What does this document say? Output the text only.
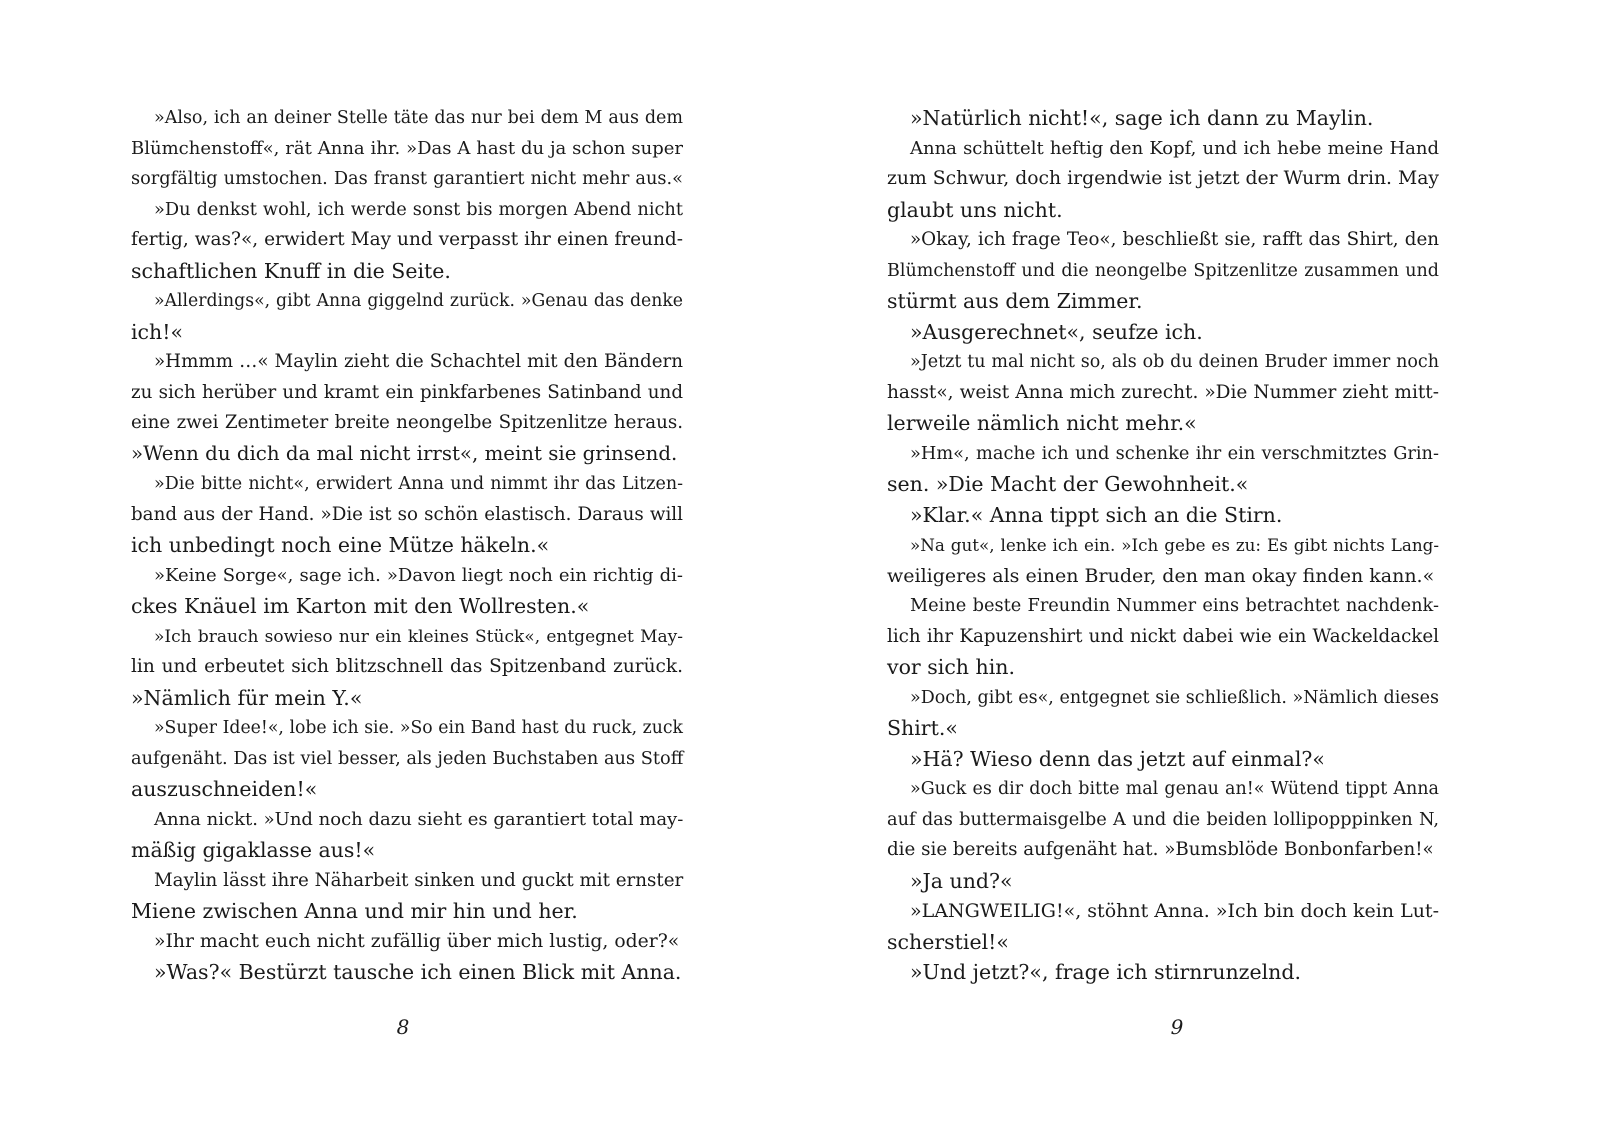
»Also, ich an deiner Stelle täte das nur bei dem M aus dem
Blümchenstoff«, rät Anna ihr. »Das A hast du ja schon super
sorgfältig umstochen. Das franst garantiert nicht mehr aus.«
»Du denkst wohl, ich werde sonst bis morgen Abend nicht
fertig, was?«, erwidert May und verpasst ihr einen freund-
schaftlichen Knuff in die Seite.
»Allerdings«, gibt Anna giggelnd zurück. »Genau das denke
ich!«
»Hmmm …« Maylin zieht die Schachtel mit den Bändern
zu sich herüber und kramt ein pinkfarbenes Satinband und
eine zwei Zentimeter breite neongelbe Spitzenlitze heraus.
»Wenn du dich da mal nicht irrst«, meint sie grinsend.
»Die bitte nicht«, erwidert Anna und nimmt ihr das Litzen-
band aus der Hand. »Die ist so schön elastisch. Daraus will
ich unbedingt noch eine Mütze häkeln.«
»Keine Sorge«, sage ich. »Davon liegt noch ein richtig di-
ckes Knäuel im Karton mit den Wollresten.«
»Ich brauch sowieso nur ein kleines Stück«, entgegnet May-
lin und erbeutet sich blitzschnell das Spitzenband zurück.
»Nämlich für mein Y.«
»Super Idee!«, lobe ich sie. »So ein Band hast du ruck, zuck
aufgenäht. Das ist viel besser, als jeden Buchstaben aus Stoff
auszuschneiden!«
Anna nickt. »Und noch dazu sieht es garantiert total may-
mäßig gigaklasse aus!«
Maylin lässt ihre Näharbeit sinken und guckt mit ernster
Miene zwischen Anna und mir hin und her.
»Ihr macht euch nicht zufällig über mich lustig, oder?«
»Was?« Bestürzt tausche ich einen Blick mit Anna.
»Natürlich nicht!«, sage ich dann zu Maylin.
Anna schüttelt heftig den Kopf, und ich hebe meine Hand
zum Schwur, doch irgendwie ist jetzt der Wurm drin. May
glaubt uns nicht.
»Okay, ich frage Teo«, beschließt sie, rafft das Shirt, den
Blümchenstoff und die neongelbe Spitzenlitze zusammen und
stürmt aus dem Zimmer.
»Ausgerechnet«, seufze ich.
»Jetzt tu mal nicht so, als ob du deinen Bruder immer noch
hasst«, weist Anna mich zurecht. »Die Nummer zieht mitt-
lerweile nämlich nicht mehr.«
»Hm«, mache ich und schenke ihr ein verschmitztes Grin-
sen. »Die Macht der Gewohnheit.«
»Klar.« Anna tippt sich an die Stirn.
»Na gut«, lenke ich ein. »Ich gebe es zu: Es gibt nichts Lang-
weiligeres als einen Bruder, den man okay finden kann.«
Meine beste Freundin Nummer eins betrachtet nachdenk-
lich ihr Kapuzenshirt und nickt dabei wie ein Wackeldackel
vor sich hin.
»Doch, gibt es«, entgegnet sie schließlich. »Nämlich dieses
Shirt.«
»Hä? Wieso denn das jetzt auf einmal?«
»Guck es dir doch bitte mal genau an!« Wütend tippt Anna
auf das buttermaisgelbe A und die beiden lollipopppinken N,
die sie bereits aufgenäht hat. »Bumsblöde Bonbonfarben!«
»Ja und?«
»LANGWEILIG!«, stöhnt Anna. »Ich bin doch kein Lut-
scherstiel!«
»Und jetzt?«, frage ich stirnrunzelnd.
8	9
